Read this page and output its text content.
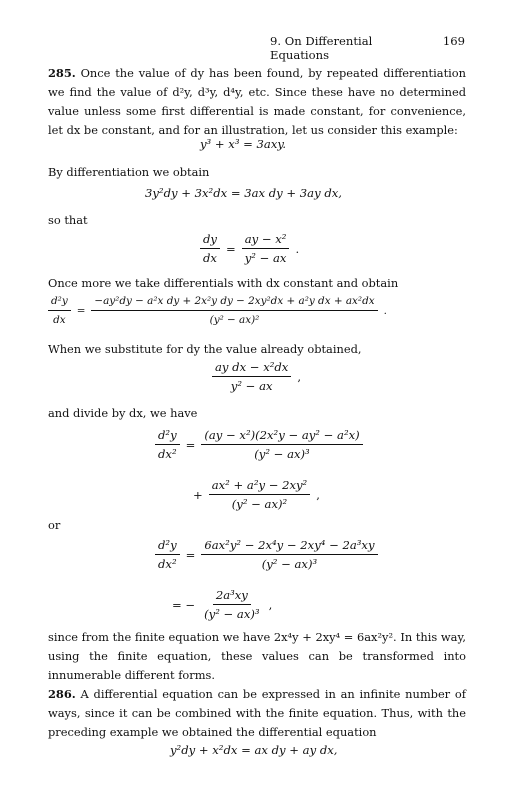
9. On Differential Equations
169
285. Once the value of dy has been found, by repeated differentiation we find the value of d²y, d³y, d⁴y, etc. Since these have no determined value unless some first differential is made constant, for convenience, let dx be constant, and for an illustration, let us consider this example:
y³ + x³ = 3axy.
By differentiation we obtain
3y²dy + 3x²dx = 3ax dy + 3ay dx,
so that
$\frac{dy}{dx} = \frac{\text{ay − x²}}{\text{y² − ax}}$ .
Once more we take differentials with dx constant and obtain
$\frac{\text{d²y}}{dx} = \frac{\text{−ay²dy − a²x dy + 2x²y dy − 2xy²dx + a²y dx + ax²dx}}{\text{(y² − ax)²}}$ .
When we substitute for dy the value already obtained,
$\frac{\text{ay dx − x²dx}}{\text{y² − ax}}$ ,
and divide by dx, we have
$\frac{\text{d²y}}{\text{dx²}} = \frac{\text{(ay − x²)(2x²y − ay² − a²x)}}{\text{(y² − ax)³}}$
+ $\frac{\text{ax² + a²y − 2xy²}}{\text{(y² − ax)²}}$ ,
or
$\frac{\text{d²y}}{\text{dx²}} = \frac{\text{6ax²y² − 2x⁴y − 2xy⁴ − 2a³xy}}{\text{(y² − ax)³}}$
= − $\frac{\text{2a³xy}}{\text{(y² − ax)³}}$ ,
since from the finite equation we have 2x⁴y + 2xy⁴ = 6ax²y². In this way, using the finite equation, these values can be transformed into innumerable different forms.
286. A differential equation can be expressed in an infinite number of ways, since it can be combined with the finite equation. Thus, with the preceding example we obtained the differential equation
y²dy + x²dx = ax dy + ay dx,
